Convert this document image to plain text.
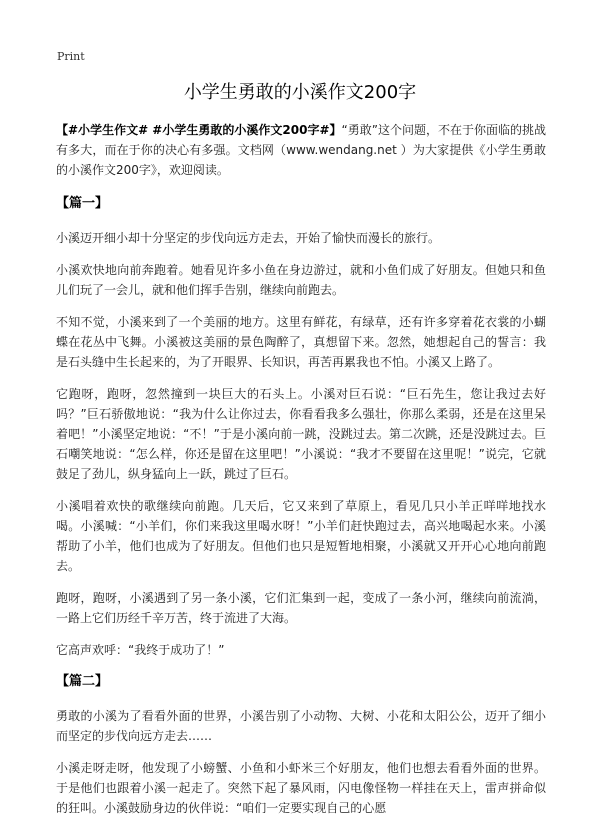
Print
小学生勇敢的小溪作文200字

【#小学生作文# #小学生勇敢的小溪作文200字#】“勇敢”这个问题，不在于你面临的挑战有多大，而在于你的决心有多强。文档网（www.wendang.net ）为大家提供《小学生勇敢的小溪作文200字》，欢迎阅读。

【篇一】

小溪迈开细小却十分坚定的步伐向远方走去，开始了愉快而漫长的旅行。

小溪欢快地向前奔跑着。她看见许多小鱼在身边游过，就和小鱼们成了好朋友。但她只和鱼儿们玩了一会儿，就和他们挥手告别，继续向前跑去。

不知不觉，小溪来到了一个美丽的地方。这里有鲜花，有绿草，还有许多穿着花衣裳的小蝴蝶在花丛中飞舞。小溪被这美丽的景色陶醉了，真想留下来。忽然，她想起自己的誓言：我是石头缝中生长起来的，为了开眼界、长知识，再苦再累我也不怕。小溪又上路了。

它跑呀，跑呀，忽然撞到一块巨大的石头上。小溪对巨石说：“巨石先生，您让我过去好吗？”巨石骄傲地说：“我为什么让你过去，你看看我多么强壮，你那么柔弱，还是在这里呆着吧！”小溪坚定地说：“不！”于是小溪向前一跳，没跳过去。第二次跳，还是没跳过去。巨石嘲笑地说：“怎么样，你还是留在这里吧！”小溪说：“我才不要留在这里呢！”说完，它就鼓足了劲儿，纵身猛向上一跃，跳过了巨石。

小溪唱着欢快的歌继续向前跑。几天后，它又来到了草原上，看见几只小羊正咩咩地找水喝。小溪喊：“小羊们，你们来我这里喝水呀！”小羊们赶快跑过去，高兴地喝起水来。小溪帮助了小羊，他们也成为了好朋友。但他们也只是短暂地相聚，小溪就又开开心心地向前跑去。

跑呀，跑呀，小溪遇到了另一条小溪，它们汇集到一起，变成了一条小河，继续向前流淌，一路上它们历经千辛万苦，终于流进了大海。

它高声欢呼：“我终于成功了！”

【篇二】

勇敢的小溪为了看看外面的世界，小溪告别了小动物、大树、小花和太阳公公，迈开了细小而坚定的步伐向远方走去……

小溪走呀走呀，他发现了小螃蟹、小鱼和小虾米三个好朋友，他们也想去看看外面的世界。于是他们也跟着小溪一起走了。突然下起了暴风雨，闪电像怪物一样挂在天上，雷声拼命似的狂叫。小溪鼓励身边的伙伴说：“咱们一定要实现自己的心愿
